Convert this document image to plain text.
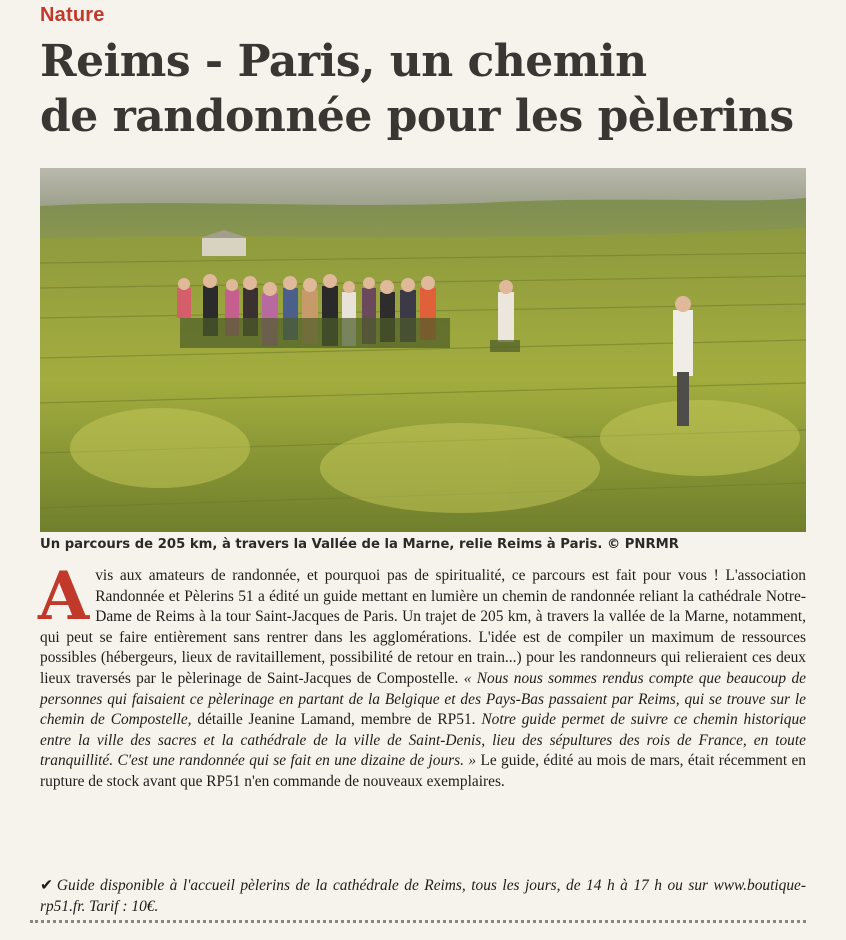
Nature
Reims - Paris, un chemin
de randonnée pour les pèlerins
Un parcours de 205 km, à travers la Vallée de la Marne, relie Reims à Paris. © PNRMR
A vis aux amateurs de randonnée, et pourquoi pas de spiritualité, ce parcours est fait pour vous ! L'association Randonnée et Pèlerins 51 a édité un guide mettant en lumière un chemin de randonnée reliant la cathédrale Notre-Dame de Reims à la tour Saint-Jacques de Paris. Un trajet de 205 km, à travers la vallée de la Marne, notamment, qui peut se faire entièrement sans rentrer dans les agglomérations. L'idée est de compiler un maximum de ressources possibles (hébergeurs, lieux de ravitaillement, possibilité de retour en train...) pour les randonneurs qui relieraient ces deux lieux traversés par le pèlerinage de Saint-Jacques de Compostelle. « Nous nous sommes rendus compte que beaucoup de personnes qui faisaient ce pèlerinage en partant de la Belgique et des Pays-Bas passaient par Reims, qui se trouve sur le chemin de Compostelle, détaille Jeanine Lamand, membre de RP51. Notre guide permet de suivre ce chemin historique entre la ville des sacres et la cathédrale de la ville de Saint-Denis, lieu des sépultures des rois de France, en toute tranquillité. C'est une randonnée qui se fait en une dizaine de jours. » Le guide, édité au mois de mars, était récemment en rupture de stock avant que RP51 n'en commande de nouveaux exemplaires.
✔ Guide disponible à l'accueil pèlerins de la cathédrale de Reims, tous les jours, de 14 h à 17 h ou sur www.boutique-rp51.fr. Tarif : 10€.
